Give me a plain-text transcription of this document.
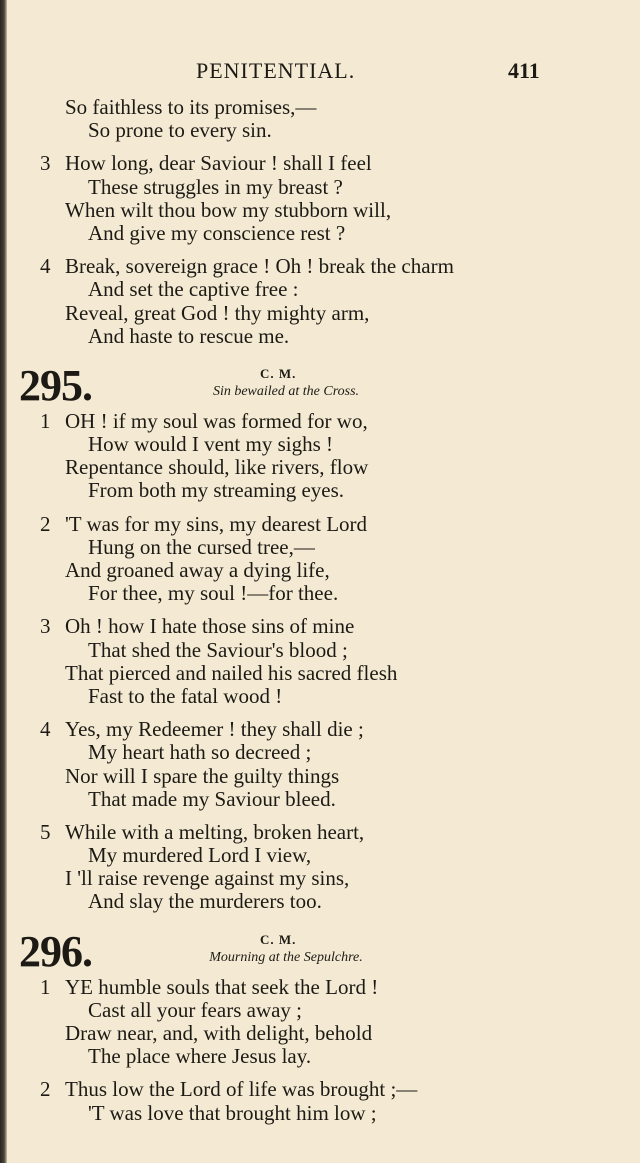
PENITENTIAL.	411
So faithless to its promises,—
So prone to every sin.
3 How long, dear Saviour ! shall I feel
These struggles in my breast ?
When wilt thou bow my stubborn will,
And give my conscience rest ?
4 Break, sovereign grace ! Oh ! break the charm
And set the captive free :
Reveal, great God ! thy mighty arm,
And haste to rescue me.
295.	C. M.
Sin bewailed at the Cross.
1 OH ! if my soul was formed for wo,
How would I vent my sighs !
Repentance should, like rivers, flow
From both my streaming eyes.
2 'T was for my sins, my dearest Lord
Hung on the cursed tree,—
And groaned away a dying life,
For thee, my soul !—for thee.
3 Oh ! how I hate those sins of mine
That shed the Saviour's blood ;
That pierced and nailed his sacred flesh
Fast to the fatal wood !
4 Yes, my Redeemer ! they shall die ;
My heart hath so decreed ;
Nor will I spare the guilty things
That made my Saviour bleed.
5 While with a melting, broken heart,
My murdered Lord I view,
I 'll raise revenge against my sins,
And slay the murderers too.
296.	C. M.
Mourning at the Sepulchre.
1 YE humble souls that seek the Lord !
Cast all your fears away ;
Draw near, and, with delight, behold
The place where Jesus lay.
2 Thus low the Lord of life was brought ;—
'T was love that brought him low ;
